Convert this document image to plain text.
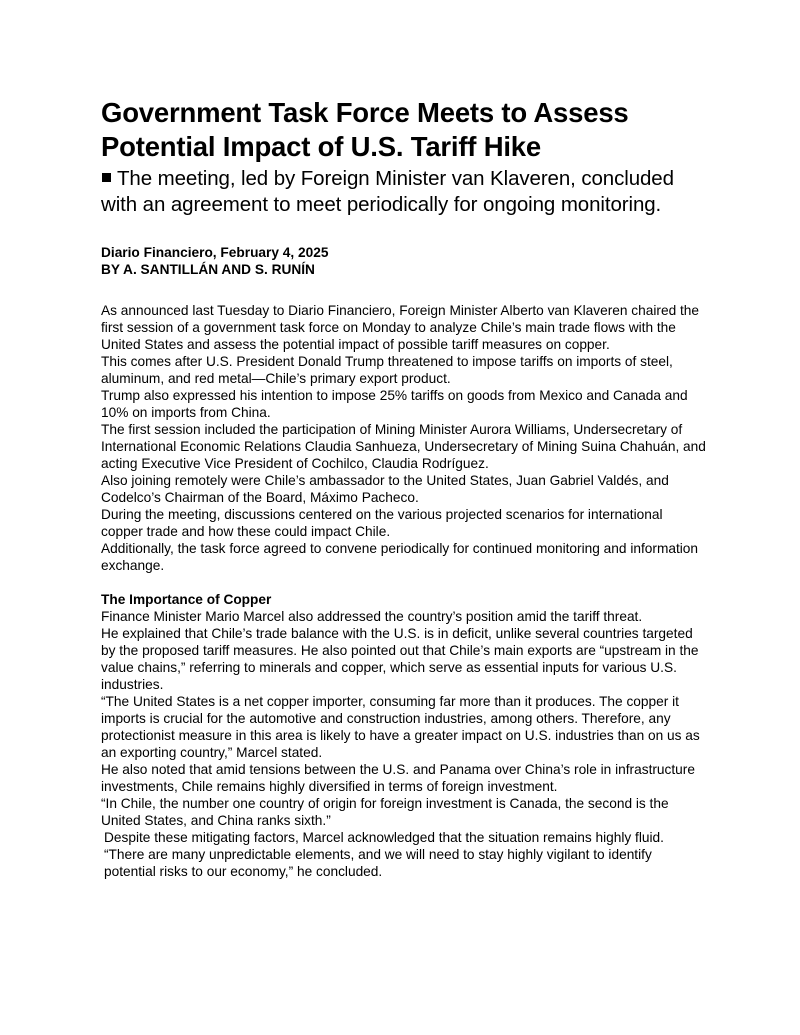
Government Task Force Meets to Assess Potential Impact of U.S. Tariff Hike

The meeting, led by Foreign Minister van Klaveren, concluded with an agreement to meet periodically for ongoing monitoring.

Diario Financiero, February 4, 2025
BY A. SANTILLÁN AND S. RUNÍN

As announced last Tuesday to Diario Financiero, Foreign Minister Alberto van Klaveren chaired the first session of a government task force on Monday to analyze Chile’s main trade flows with the United States and assess the potential impact of possible tariff measures on copper.

This comes after U.S. President Donald Trump threatened to impose tariffs on imports of steel, aluminum, and red metal—Chile’s primary export product.

Trump also expressed his intention to impose 25% tariffs on goods from Mexico and Canada and 10% on imports from China.

The first session included the participation of Mining Minister Aurora Williams, Undersecretary of International Economic Relations Claudia Sanhueza, Undersecretary of Mining Suina Chahuán, and acting Executive Vice President of Cochilco, Claudia Rodríguez.

Also joining remotely were Chile’s ambassador to the United States, Juan Gabriel Valdés, and Codelco’s Chairman of the Board, Máximo Pacheco.

During the meeting, discussions centered on the various projected scenarios for international copper trade and how these could impact Chile.

Additionally, the task force agreed to convene periodically for continued monitoring and information exchange.

The Importance of Copper

Finance Minister Mario Marcel also addressed the country’s position amid the tariff threat.

He explained that Chile’s trade balance with the U.S. is in deficit, unlike several countries targeted by the proposed tariff measures. He also pointed out that Chile’s main exports are “upstream in the value chains,” referring to minerals and copper, which serve as essential inputs for various U.S. industries.

“The United States is a net copper importer, consuming far more than it produces. The copper it imports is crucial for the automotive and construction industries, among others. Therefore, any protectionist measure in this area is likely to have a greater impact on U.S. industries than on us as an exporting country,” Marcel stated.

He also noted that amid tensions between the U.S. and Panama over China’s role in infrastructure investments, Chile remains highly diversified in terms of foreign investment.

“In Chile, the number one country of origin for foreign investment is Canada, the second is the United States, and China ranks sixth.”

Despite these mitigating factors, Marcel acknowledged that the situation remains highly fluid.

“There are many unpredictable elements, and we will need to stay highly vigilant to identify potential risks to our economy,” he concluded.
